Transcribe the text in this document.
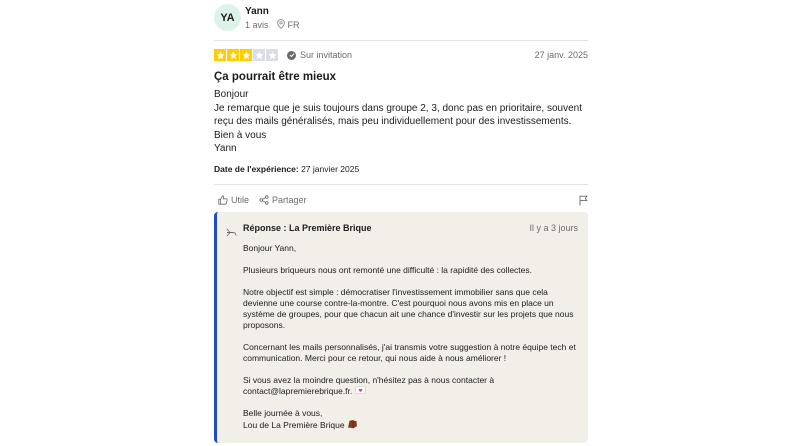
YA	Yann
1 avis FR
Sur invitation	27 janv. 2025
Ça pourrait être mieux

Bonjour

Je remarque que je suis toujours dans groupe 2, 3, donc pas en prioritaire, souvent reçu des mails généralisés, mais peu individuellement pour des investissements.

Bien à vous

Yann

Date de l'expérience: 27 janvier 2025
Utile	Partager
Réponse : La Première Brique	Il y a 3 jours

Bonjour Yann,

Plusieurs briqueurs nous ont remonté une difficulté : la rapidité des collectes.

Notre objectif est simple : démocratiser l'investissement immobilier sans que cela devienne une course contre-la-montre. C'est pourquoi nous avons mis en place un système de groupes, pour que chacun ait une chance d'investir sur les projets que nous proposons.

Concernant les mails personnalisés, j'ai transmis votre suggestion à notre équipe tech et communication. Merci pour ce retour, qui nous aide à nous améliorer !

Si vous avez la moindre question, n'hésitez pas à nous contacter à contact@lapremierebrique.fr.

Belle journée à vous,
Lou de La Première Brique
